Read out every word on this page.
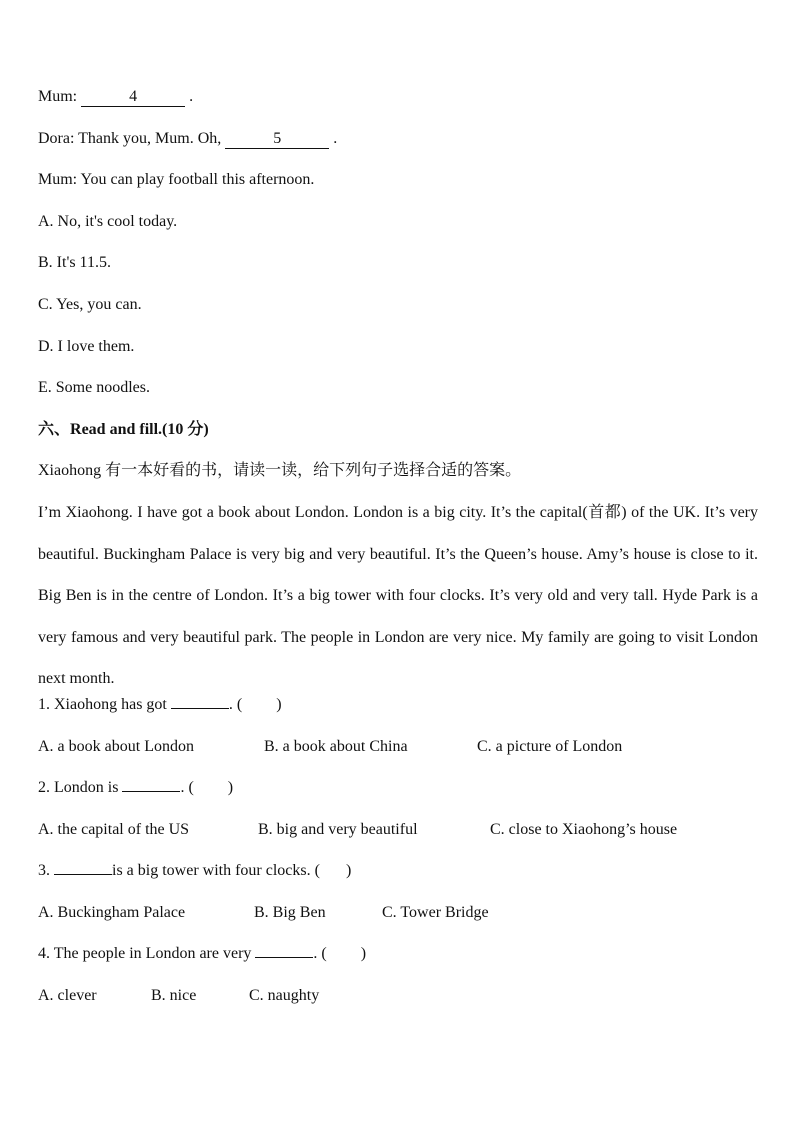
Mum:	4	.
Dora: Thank you, Mum. Oh,	5	.
Mum: You can play football this afternoon.
A. No, it's cool today.
B. It's 11.5.
C. Yes, you can.
D. I love them.
E. Some noodles.
六、Read and fill.(10 分)
Xiaohong 有一本好看的书，请读一读，给下列句子选择合适的答案。
I’m Xiaohong. I have got a book about London. London is a big city. It’s the capital(首都) of the UK. It’s very beautiful. Buckingham Palace is very big and very beautiful. It’s the Queen’s house. Amy’s house is close to it. Big Ben is in the centre of London. It’s a big tower with four clocks. It’s very old and very tall. Hyde Park is a very famous and very beautiful park. The people in London are very nice. My family are going to visit London next month.
1. Xiaohong has got	. ( )
A. a book about London	B. a book about China	C. a picture of London
2. London is	. ( )
A. the capital of the US	B. big and very beautiful	C. close to Xiaohong’s house
3.	is a big tower with four clocks. ( )
A. Buckingham Palace	B. Big Ben	C. Tower Bridge
4. The people in London are very	. ( )
A. clever	B. nice	C. naughty
